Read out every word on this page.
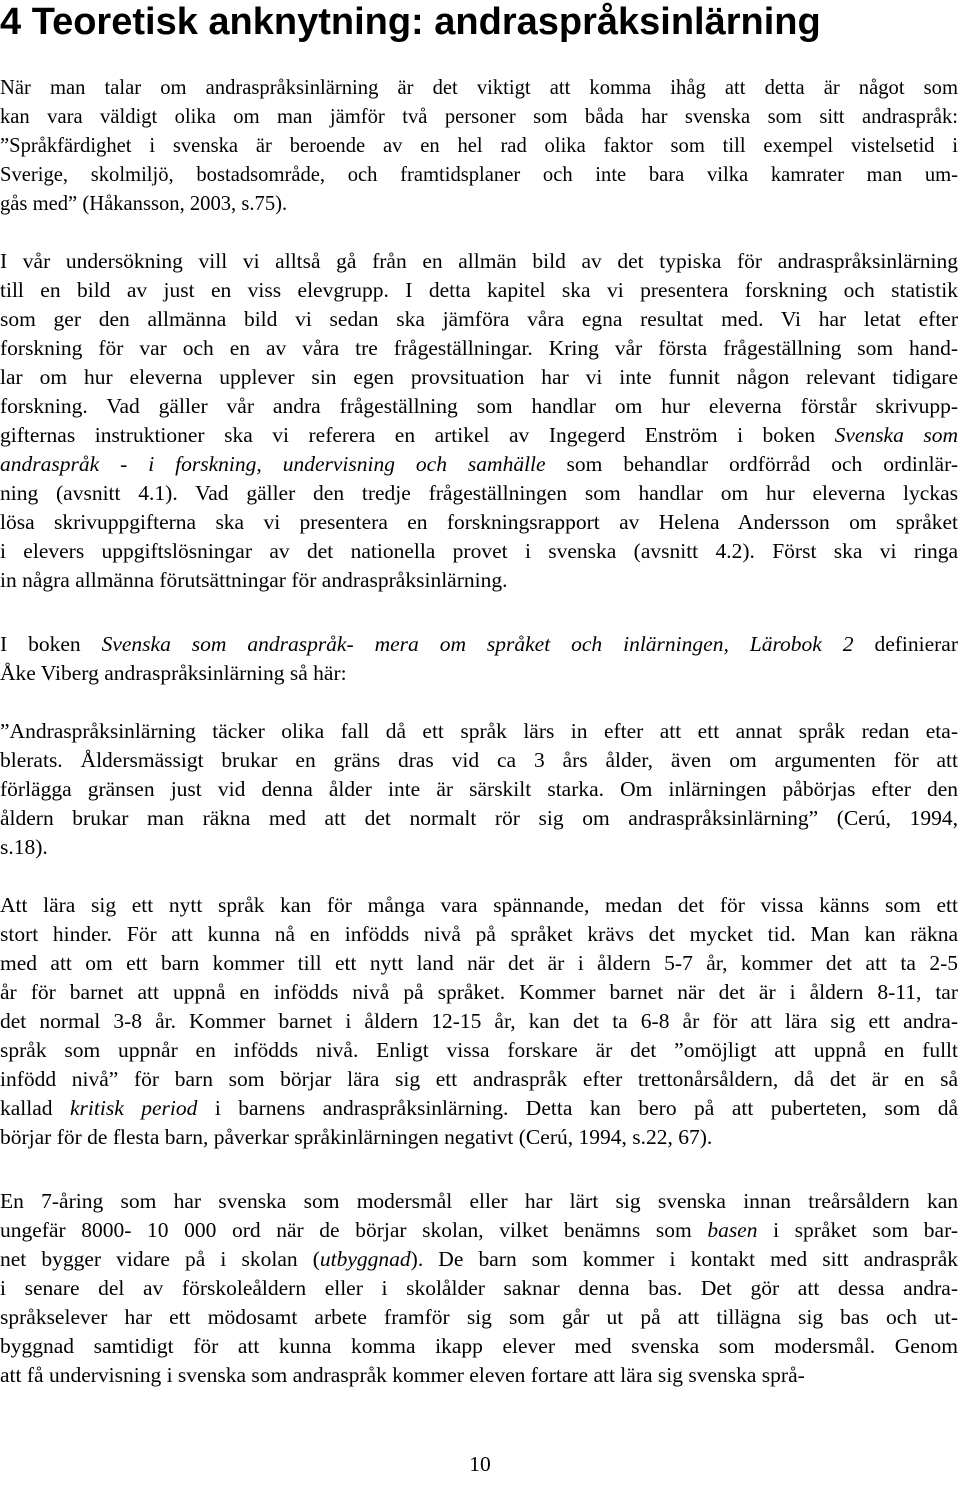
4 Teoretisk anknytning: andraspråksinlärning
När man talar om andraspråksinlärning är det viktigt att komma ihåg att detta är något som
kan vara väldigt olika om man jämför två personer som båda har svenska som sitt andraspråk:
”Språkfärdighet i svenska är beroende av en hel rad olika faktor som till exempel vistelsetid i
Sverige, skolmiljö, bostadsområde, och framtidsplaner och inte bara vilka kamrater man um-
gås med” (Håkansson, 2003, s.75).
I vår undersökning vill vi alltså gå från en allmän bild av det typiska för andraspråksinlärning
till en bild av just en viss elevgrupp. I detta kapitel ska vi presentera forskning och statistik
som ger den allmänna bild vi sedan ska jämföra våra egna resultat med. Vi har letat efter
forskning för var och en av våra tre frågeställningar. Kring vår första frågeställning som hand-
lar om hur eleverna upplever sin egen provsituation har vi inte funnit någon relevant tidigare
forskning. Vad gäller vår andra frågeställning som handlar om hur eleverna förstår skrivupp-
gifternas instruktioner ska vi referera en artikel av Ingegerd Enström i boken Svenska som
andraspråk - i forskning, undervisning och samhälle som behandlar ordförråd och ordinlär-
ning (avsnitt 4.1). Vad gäller den tredje frågeställningen som handlar om hur eleverna lyckas
lösa skrivuppgifterna ska vi presentera en forskningsrapport av Helena Andersson om språket
i elevers uppgiftslösningar av det nationella provet i svenska (avsnitt 4.2). Först ska vi ringa
in några allmänna förutsättningar för andraspråksinlärning.
I boken Svenska som andraspråk- mera om språket och inlärningen, Lärobok 2 definierar
Åke Viberg andraspråksinlärning så här:
”Andraspråksinlärning täcker olika fall då ett språk lärs in efter att ett annat språk redan eta-
blerats. Åldersmässigt brukar en gräns dras vid ca 3 års ålder, även om argumenten för att
förlägga gränsen just vid denna ålder inte är särskilt starka. Om inlärningen påbörjas efter den
åldern brukar man räkna med att det normalt rör sig om andraspråksinlärning” (Cerú, 1994,
s.18).
Att lära sig ett nytt språk kan för många vara spännande, medan det för vissa känns som ett
stort hinder. För att kunna nå en infödds nivå på språket krävs det mycket tid. Man kan räkna
med att om ett barn kommer till ett nytt land när det är i åldern 5-7 år, kommer det att ta 2-5
år för barnet att uppnå en infödds nivå på språket. Kommer barnet när det är i åldern 8-11, tar
det normal 3-8 år. Kommer barnet i åldern 12-15 år, kan det ta 6-8 år för att lära sig ett andra-
språk som uppnår en infödds nivå. Enligt vissa forskare är det ”omöjligt att uppnå en fullt
infödd nivå” för barn som börjar lära sig ett andraspråk efter trettonårsåldern, då det är en så
kallad kritisk period i barnens andraspråksinlärning. Detta kan bero på att puberteten, som då
börjar för de flesta barn, påverkar språkinlärningen negativt (Cerú, 1994, s.22, 67).
En 7-åring som har svenska som modersmål eller har lärt sig svenska innan treårsåldern kan
ungefär 8000- 10 000 ord när de börjar skolan, vilket benämns som basen i språket som bar-
net bygger vidare på i skolan (utbyggnad). De barn som kommer i kontakt med sitt andraspråk
i senare del av förskoleåldern eller i skolålder saknar denna bas. Det gör att dessa andra-
språkselever har ett mödosamt arbete framför sig som går ut på att tillägna sig bas och ut-
byggnad samtidigt för att kunna komma ikapp elever med svenska som modersmål. Genom
att få undervisning i svenska som andraspråk kommer eleven fortare att lära sig svenska språ-
10
